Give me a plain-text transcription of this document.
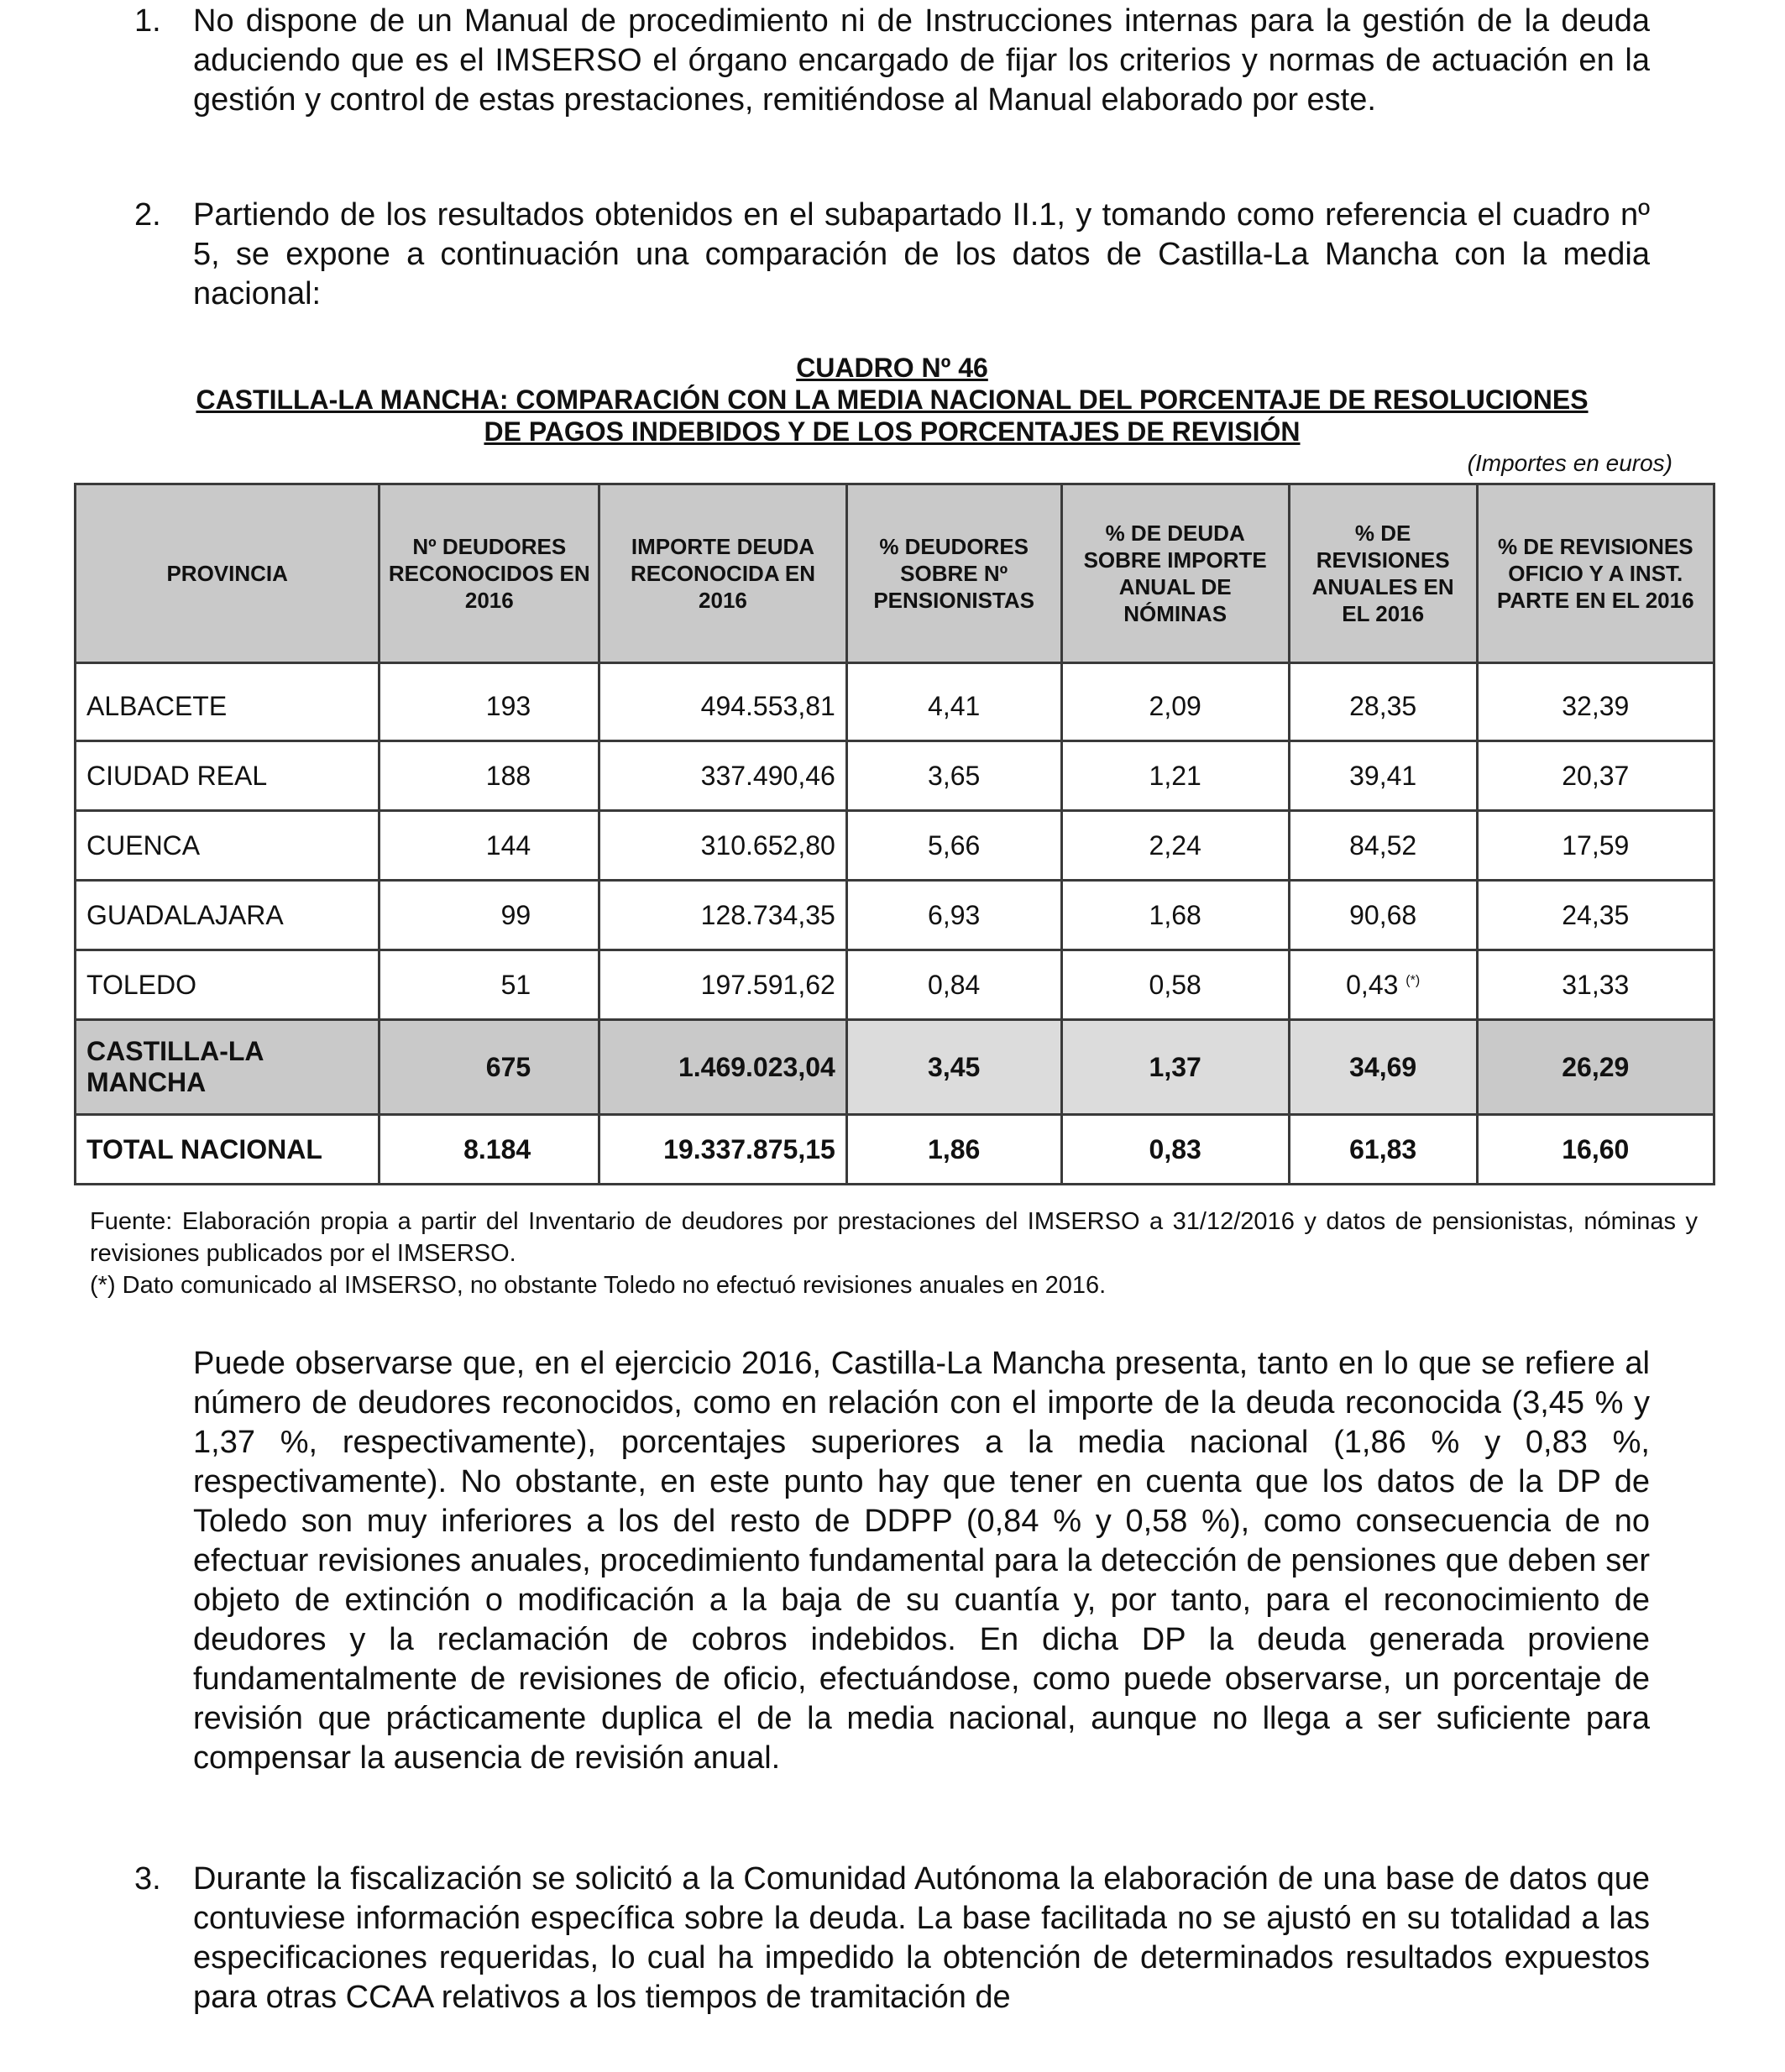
1.	No dispone de un Manual de procedimiento ni de Instrucciones internas para la gestión de la deuda aduciendo que es el IMSERSO el órgano encargado de fijar los criterios y normas de actuación en la gestión y control de estas prestaciones, remitiéndose al Manual elaborado por este.

2.	Partiendo de los resultados obtenidos en el subapartado II.1, y tomando como referencia el cuadro nº 5, se expone a continuación una comparación de los datos de Castilla-La Mancha con la media nacional:

CUADRO Nº 46
CASTILLA-LA MANCHA: COMPARACIÓN CON LA MEDIA NACIONAL DEL PORCENTAJE DE RESOLUCIONES
DE PAGOS INDEBIDOS Y DE LOS PORCENTAJES DE REVISIÓN
(Importes en euros)
PROVINCIA	Nº DEUDORES RECONOCIDOS EN 2016	IMPORTE DEUDA RECONOCIDA EN 2016	% DEUDORES SOBRE Nº PENSIONISTAS	% DE DEUDA SOBRE IMPORTE ANUAL DE NÓMINAS	% DE REVISIONES ANUALES EN EL 2016	% DE REVISIONES OFICIO Y A INST. PARTE EN EL 2016
ALBACETE	193	494.553,81	4,41	2,09	28,35	32,39
CIUDAD REAL	188	337.490,46	3,65	1,21	39,41	20,37
CUENCA	144	310.652,80	5,66	2,24	84,52	17,59
GUADALAJARA	99	128.734,35	6,93	1,68	90,68	24,35
TOLEDO	51	197.591,62	0,84	0,58	0,43 (*)	31,33
CASTILLA-LA MANCHA	675	1.469.023,04	3,45	1,37	34,69	26,29
TOTAL NACIONAL	8.184	19.337.875,15	1,86	0,83	61,83	16,60

Fuente: Elaboración propia a partir del Inventario de deudores por prestaciones del IMSERSO a 31/12/2016 y datos de pensionistas, nóminas y revisiones publicados por el IMSERSO.

(*) Dato comunicado al IMSERSO, no obstante Toledo no efectuó revisiones anuales en 2016.

Puede observarse que, en el ejercicio 2016, Castilla-La Mancha presenta, tanto en lo que se refiere al número de deudores reconocidos, como en relación con el importe de la deuda reconocida (3,45 % y 1,37 %, respectivamente), porcentajes superiores a la media nacional (1,86 % y 0,83 %, respectivamente). No obstante, en este punto hay que tener en cuenta que los datos de la DP de Toledo son muy inferiores a los del resto de DDPP (0,84 % y 0,58 %), como consecuencia de no efectuar revisiones anuales, procedimiento fundamental para la detección de pensiones que deben ser objeto de extinción o modificación a la baja de su cuantía y, por tanto, para el reconocimiento de deudores y la reclamación de cobros indebidos. En dicha DP la deuda generada proviene fundamentalmente de revisiones de oficio, efectuándose, como puede observarse, un porcentaje de revisión que prácticamente duplica el de la media nacional, aunque no llega a ser suficiente para compensar la ausencia de revisión anual.

3.	Durante la fiscalización se solicitó a la Comunidad Autónoma la elaboración de una base de datos que contuviese información específica sobre la deuda. La base facilitada no se ajustó en su totalidad a las especificaciones requeridas, lo cual ha impedido la obtención de determinados resultados expuestos para otras CCAA relativos a los tiempos de tramitación de
